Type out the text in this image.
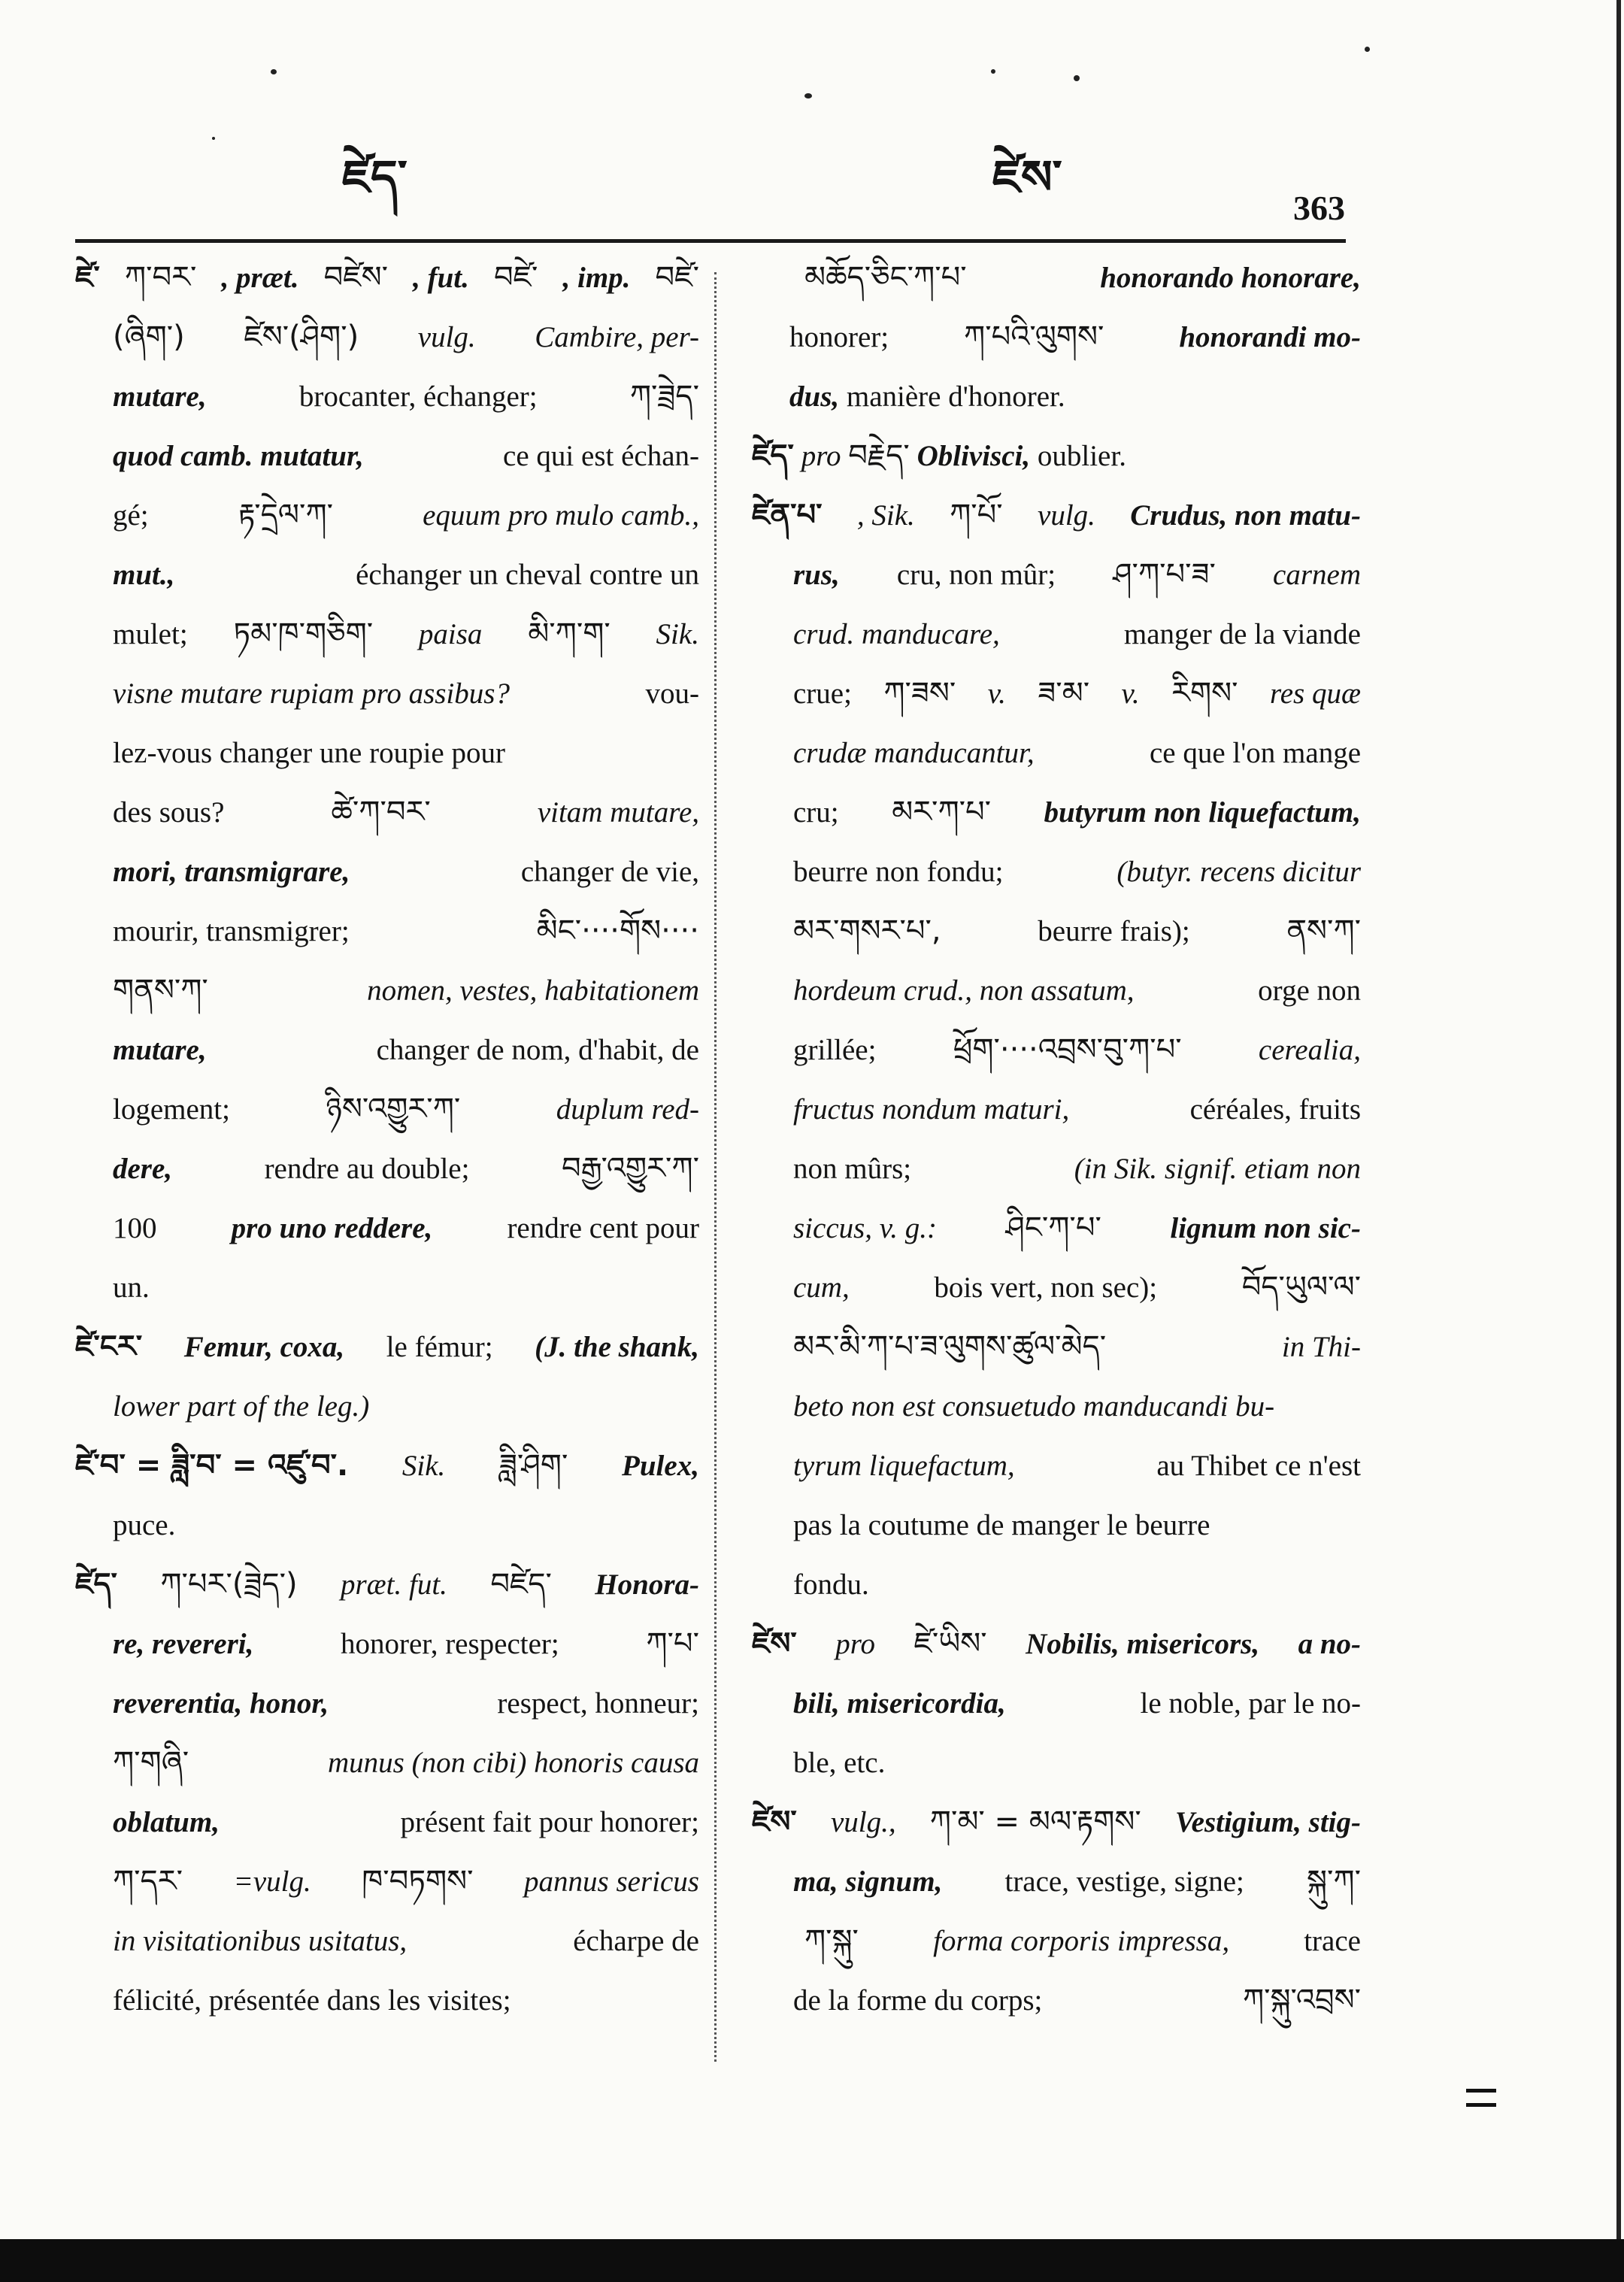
ཛེད་	ཛེས་
363
ཛེ་ ཀ་བར་ , præt. བཛེས་ , fut. བཛེ་ , imp. བཛེ་
(ཞིག་) ཛེས་(ཤིག་) vulg. Cambire, per-
mutare,	brocanter, échanger;	ཀ་ཟྲེད་
quod camb. mutatur,	ce qui est échan-
gé;	རྟ་དྲེལ་ཀ་	equum pro mulo camb.,
mut.,	échanger un cheval contre un
mulet; ཏམ་ཁ་གཅིག་ paisa མི་ཀ་ག་ Sik.
visne mutare rupiam pro assibus?	vou-
lez-vous changer une roupie pour
des sous?	ཚེ་ཀ་བར་	vitam mutare,
mori, transmigrare,	changer de vie,
mourir, transmigrer;	མིང་····གོས····
གནས་ཀ་	nomen, vestes, habitationem
mutare,	changer de nom, d'habit, de
logement;	ཉིས་འགྱུར་ཀ་	duplum red-
dere,	rendre au double;	བརྒྱ་འགྱུར་ཀ་
100	pro uno reddere,	rendre cent pour
un.
ཛེ་ངར་ Femur, coxa, le fémur; (J. the shank,
lower part of the leg.)
ཛེ་བ་ = ཟླི་བ་ = འཛུ་བ་. Sik. ཟླི་ཤིག་ Pulex,
puce.
ཛེད་ ཀ་པར་(ཟྲེད་) præt. fut. བཛེད་ Honora-
re, revereri,	honorer, respecter;	ཀ་པ་
reverentia, honor,	respect, honneur;
ཀ་གཞི་	munus (non cibi) honoris causa
oblatum,	présent fait pour honorer;
ཀ་དར་ =vulg. ཁ་བཏགས་ pannus sericus
in visitationibus usitatus,	écharpe de
félicité, présentée dans les visites;
མཆོད་ཅིང་ཀ་པ་	honorando honorare,
honorer; ཀ་པའི་ལུགས་	honorandi mo-
dus,
manière d'honorer.
ཛེད་
pro
བརྗེད་
Oblivisci,
oublier.
ཛེན་པ་ , Sik. ཀ་པོ་ vulg. Crudus, non matu-
rus, cru, non mûr; ཤ་ཀ་པ་ཟ་ carnem
crud. manducare,	manger de la viande
crue; ཀ་ཟས་ v. ཟ་མ་ v. རིགས་ res quæ
crudæ manducantur,	ce que l'on mange
cru; མར་ཀ་པ་ butyrum non liquefactum,
beurre non fondu;	(butyr. recens dicitur
མར་གསར་པ་,	beurre frais);	ནས་ཀ་
hordeum crud., non assatum,	orge non
grillée;	ཕྲོག་····འབྲས་བུ་ཀ་པ་	cerealia,
fructus nondum maturi,	céréales, fruits
non mûrs;	(in Sik. signif. etiam non
siccus, v. g.: ཤིང་ཀ་པ་ lignum non sic-
cum,	bois vert, non sec);	བོད་ཡུལ་ལ་
མར་མི་ཀ་པ་ཟ་ལུགས་ཚུལ་མེད་	in Thi-
beto non est consuetudo manducandi bu-
tyrum liquefactum,	au Thibet ce n'est
pas la coutume de manger le beurre
fondu.
ཛེས་ pro ཛེ་ཡིས་ Nobilis, misericors, a no-
bili, misericordia,	le noble, par le no-
ble, etc.
ཛེས་ vulg., ཀ་མ་ = མལ་རྟགས་ Vestigium, stig-
ma, signum, trace, vestige, signe; སྐུ་ཀ་
ཀ་སྐུ་	forma corporis impressa,	trace
de la forme du corps;	ཀ་སྐུ་འབྲས་
